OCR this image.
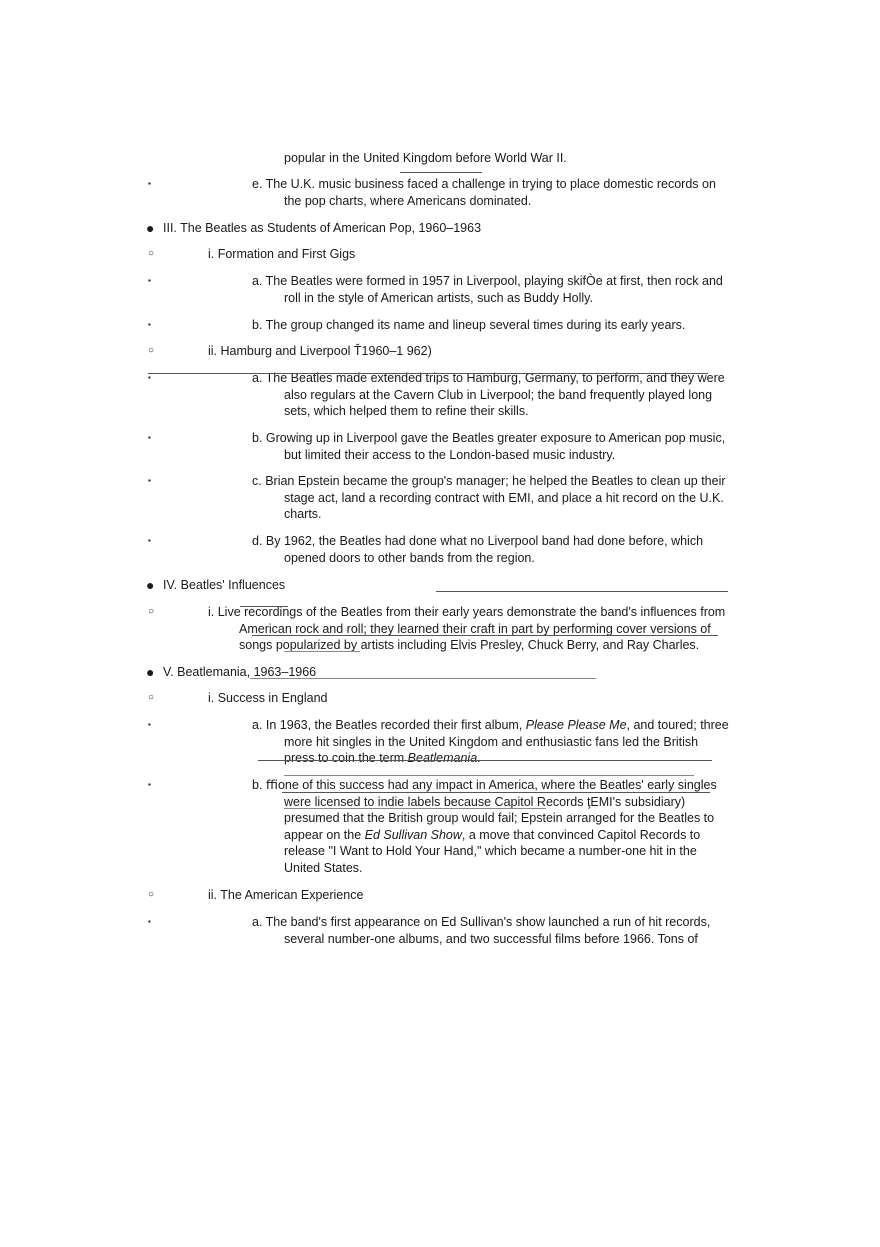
popular in the United Kingdom before World War II.
▪	e. The U.K. music business faced a challenge in trying to place domestic records on
the pop charts, where Americans dominated.
● III. The Beatles as Students of American Pop, 1960–1963
○	i. Formation and First Gigs
▪	a. The Beatles were formed in 1957 in Liverpool, playing skifÒe at first, then rock and
roll in the style of American artists, such as Buddy Holly.
▪	b. The group changed its name and lineup several times during its early years.
○	ii. Hamburg and Liverpool Ť1960–1 962)
▪	a. The Beatles made extended trips to Hamburg, Germany, to perform, and they were
also regulars at the Cavern Club in Liverpool; the band frequently played long
sets, which helped them to refine their skills.
▪	b. Growing up in Liverpool gave the Beatles greater exposure to American pop music,
but limited their access to the London-based music industry.
▪	c. Brian Epstein became the group's manager; he helped the Beatles to clean up their
stage act, land a recording contract with EMI, and place a hit record on the U.K.
charts.
▪	d. By 1962, the Beatles had done what no Liverpool band had done before, which
opened doors to other bands from the region.
● IV. Beatles' Influences
○	i. Live recordings of the Beatles from their early years demonstrate the band's influences from
American rock and roll; they learned their craft in part by performing cover versions of
songs popularized by artists including Elvis Presley, Chuck Berry, and Ray Charles.
● V. Beatlemania, 1963–1966
○	i. Success in England
▪	a. In 1963, the Beatles recorded their first album, Please Please Me, and toured; three
more hit singles in the United Kingdom and enthusiastic fans led the British
press to coin the term Beatlemania.
▪	b. ﬃone of this success had any impact in America, where the Beatles' early singles
were licensed to indie labels because Capitol Records ţEMI's subsidiary)
presumed that the British group would fail; Epstein arranged for the Beatles to
appear on the Ed Sullivan Show, a move that convinced Capitol Records to
release "I Want to Hold Your Hand," which became a number-one hit in the
United States.
○	ii. The American Experience
▪	a. The band's first appearance on Ed Sullivan's show launched a run of hit records,
several number-one albums, and two successful films before 1966. Tons of
